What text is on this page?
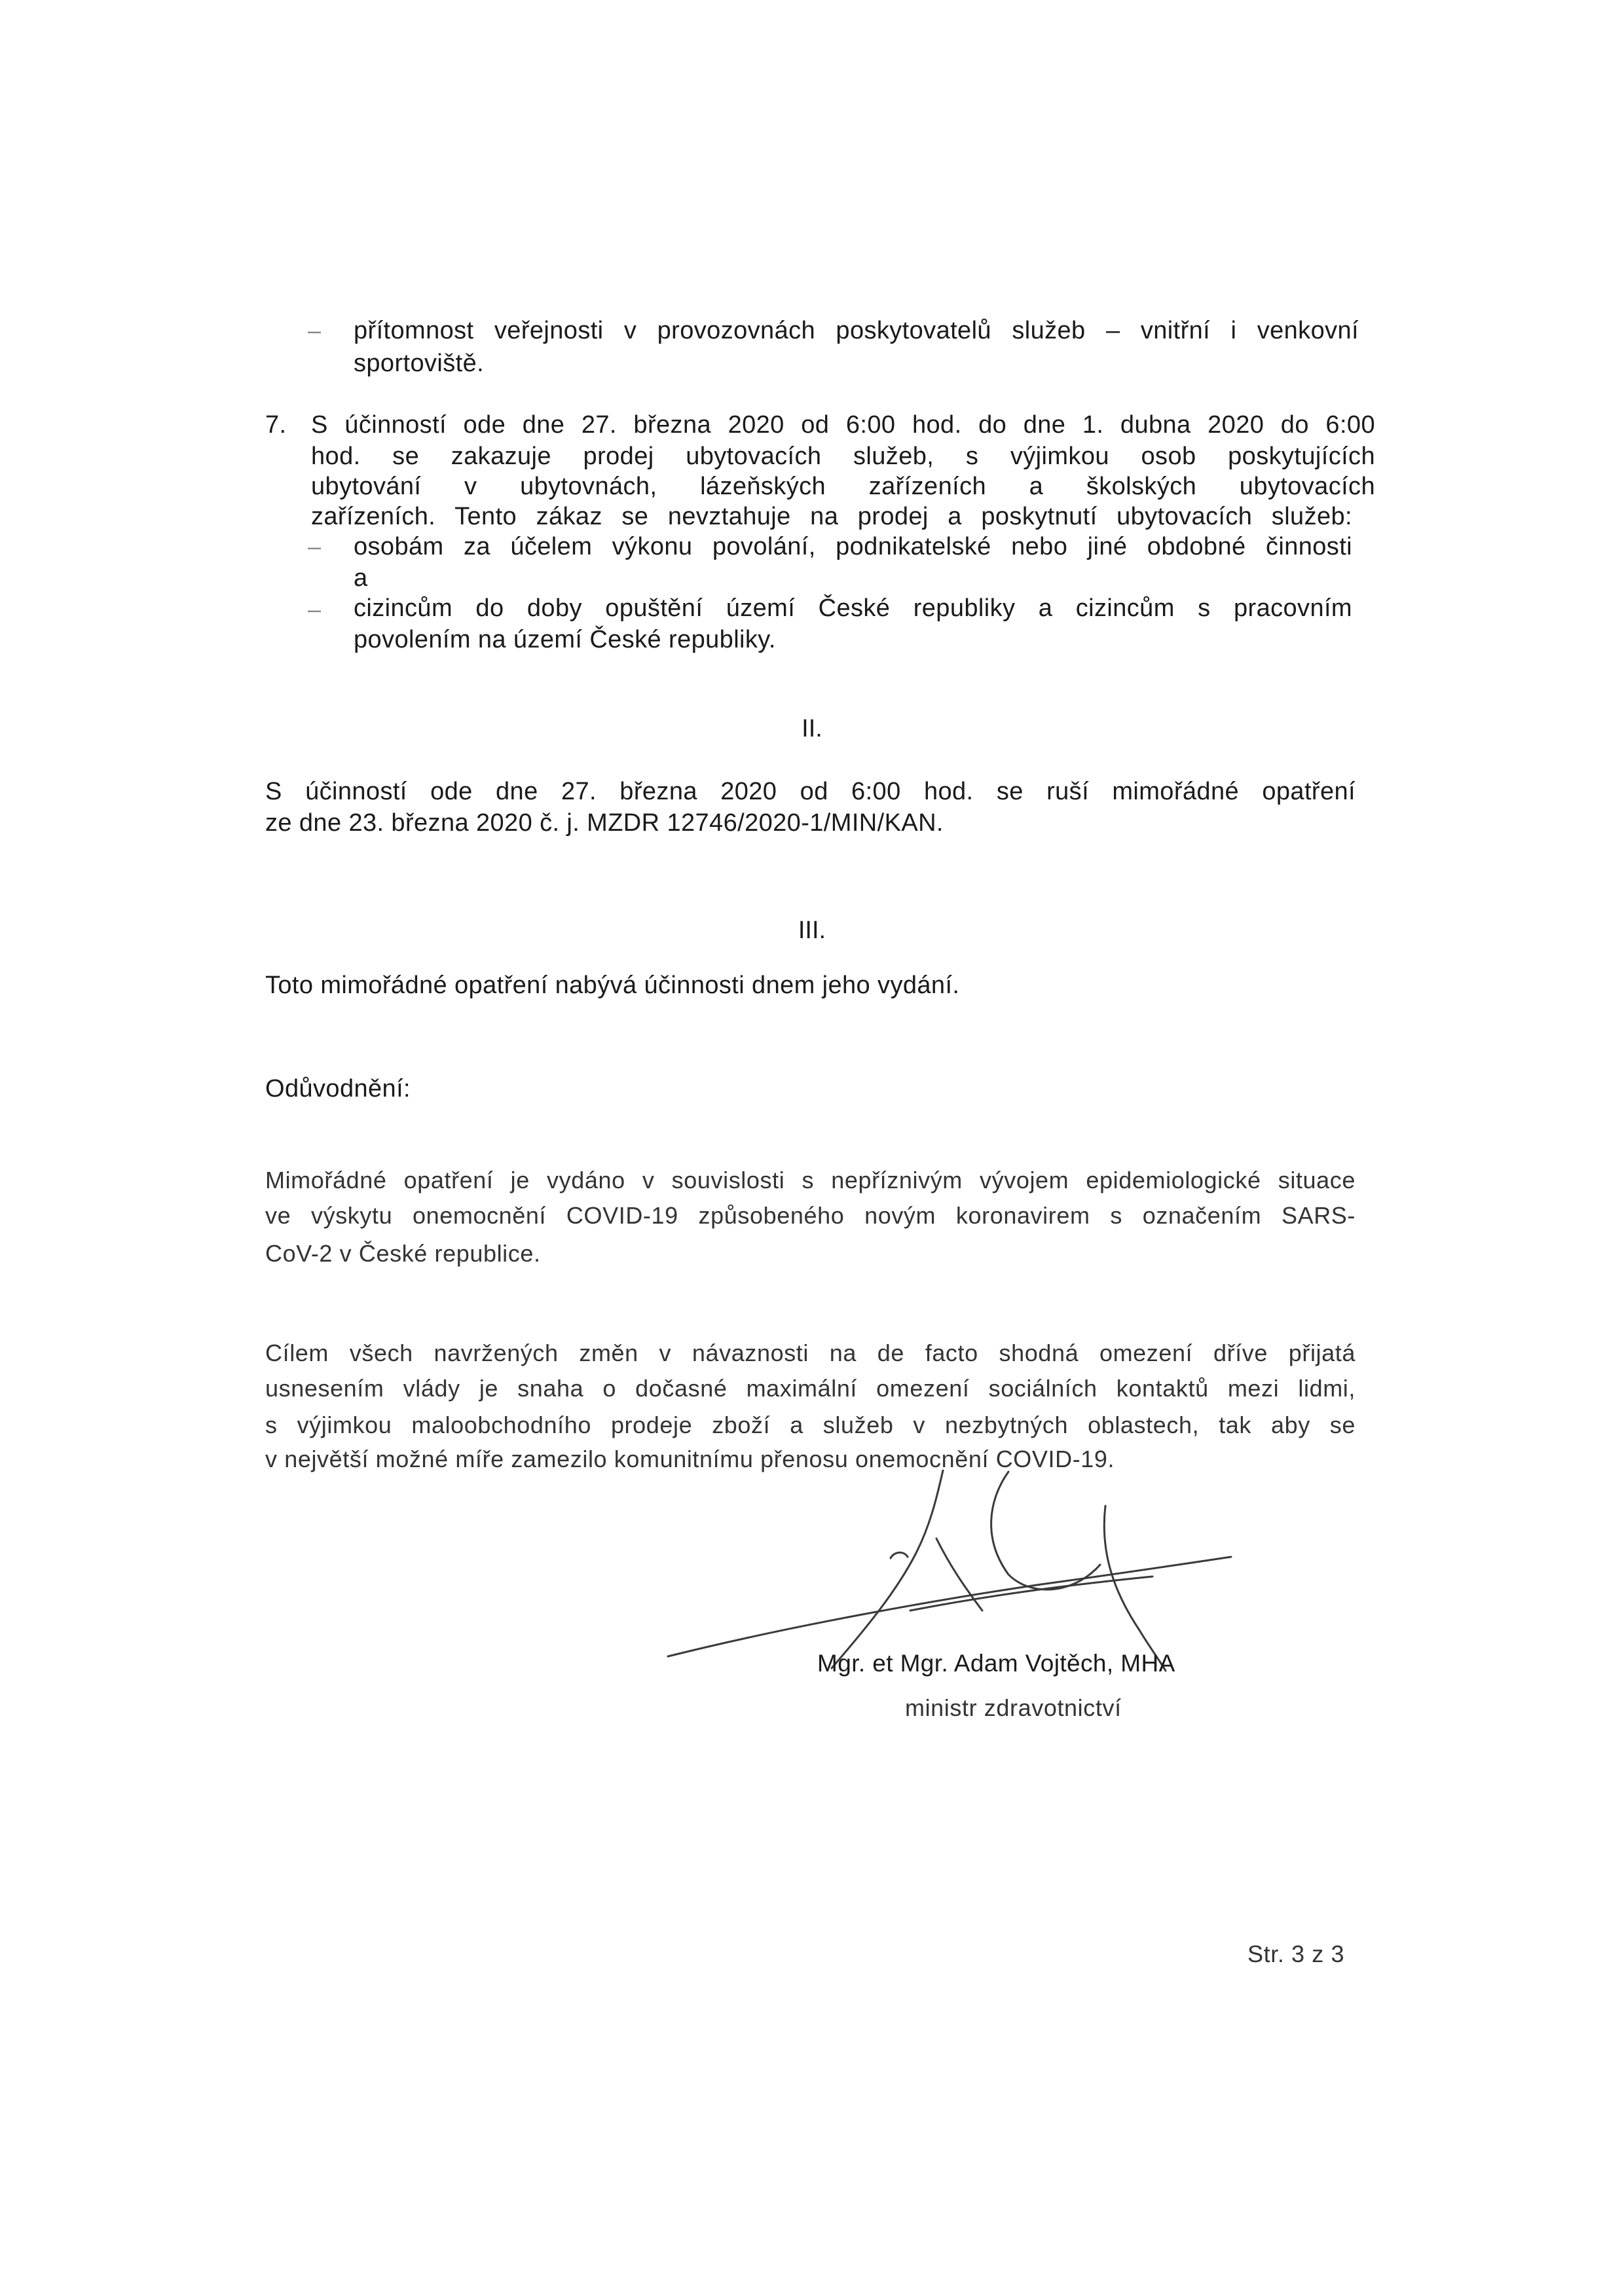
– přítomnost veřejnosti v provozovnách poskytovatelů služeb – vnitřní i venkovní
sportoviště.
7. S účinností ode dne 27. března 2020 od 6:00 hod. do dne 1. dubna 2020 do 6:00
hod. se zakazuje prodej ubytovacích služeb, s výjimkou osob poskytujících
ubytování v ubytovnách, lázeňských zařízeních a školských ubytovacích
zařízeních. Tento zákaz se nevztahuje na prodej a poskytnutí ubytovacích služeb:
– osobám za účelem výkonu povolání, podnikatelské nebo jiné obdobné činnosti
a
– cizincům do doby opuštění území České republiky a cizincům s pracovním
povolením na území České republiky.
II.
S účinností ode dne 27. března 2020 od 6:00 hod. se ruší mimořádné opatření
ze dne 23. března 2020 č. j. MZDR 12746/2020-1/MIN/KAN.
III.
Toto mimořádné opatření nabývá účinnosti dnem jeho vydání.
Odůvodnění:
Mimořádné opatření je vydáno v souvislosti s nepříznivým vývojem epidemiologické situace
ve výskytu onemocnění COVID-19 způsobeného novým koronavirem s označením SARS-
CoV-2 v České republice.
Cílem všech navržených změn v návaznosti na de facto shodná omezení dříve přijatá
usnesením vlády je snaha o dočasné maximální omezení sociálních kontaktů mezi lidmi,
s výjimkou maloobchodního prodeje zboží a služeb v nezbytných oblastech, tak aby se
v největší možné míře zamezilo komunitnímu přenosu onemocnění COVID-19.
Mgr. et Mgr. Adam Vojtěch, MHA
ministr zdravotnictví
Str. 3 z 3
